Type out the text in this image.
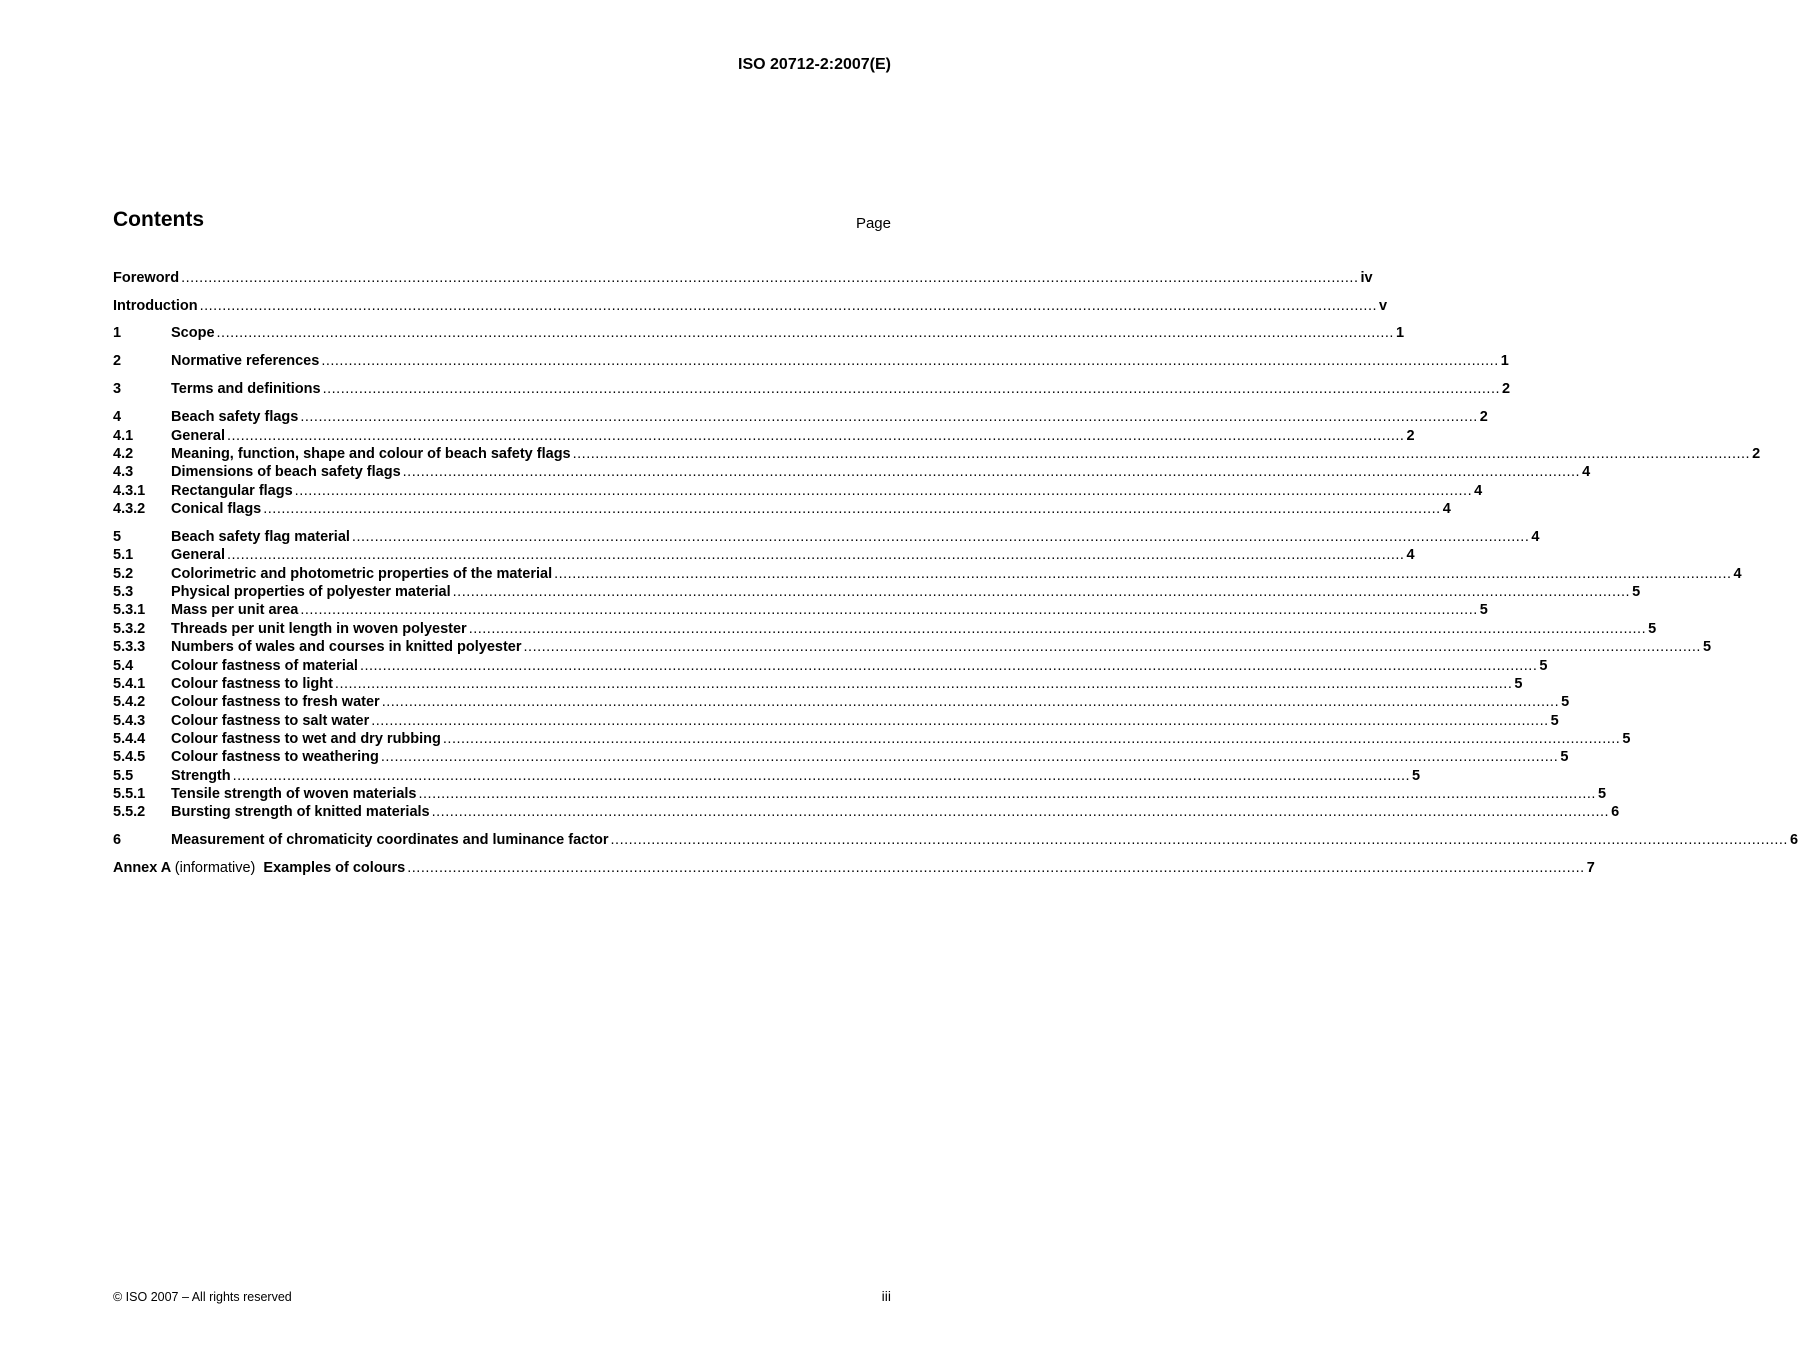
ISO 20712-2:2007(E)
Contents	Page
Foreword .................................................................................................................................................................................................................................................................... iv
Introduction .................................................................................................................................................................................................................................................................... v
1	Scope .................................................................................................................................................................................................................................................................... 1
2	Normative references .................................................................................................................................................................................................................................................................... 1
3	Terms and definitions .................................................................................................................................................................................................................................................................... 2
4	Beach safety flags .................................................................................................................................................................................................................................................................... 2
4.1	General .................................................................................................................................................................................................................................................................... 2
4.2	Meaning, function, shape and colour of beach safety flags .................................................................................................................................................................................................................................................................... 2
4.3	Dimensions of beach safety flags .................................................................................................................................................................................................................................................................... 4
4.3.1	Rectangular flags .................................................................................................................................................................................................................................................................... 4
4.3.2	Conical flags .................................................................................................................................................................................................................................................................... 4
5	Beach safety flag material .................................................................................................................................................................................................................................................................... 4
5.1	General .................................................................................................................................................................................................................................................................... 4
5.2	Colorimetric and photometric properties of the material .................................................................................................................................................................................................................................................................... 4
5.3	Physical properties of polyester material .................................................................................................................................................................................................................................................................... 5
5.3.1	Mass per unit area .................................................................................................................................................................................................................................................................... 5
5.3.2	Threads per unit length in woven polyester .................................................................................................................................................................................................................................................................... 5
5.3.3	Numbers of wales and courses in knitted polyester .................................................................................................................................................................................................................................................................... 5
5.4	Colour fastness of material .................................................................................................................................................................................................................................................................... 5
5.4.1	Colour fastness to light .................................................................................................................................................................................................................................................................... 5
5.4.2	Colour fastness to fresh water .................................................................................................................................................................................................................................................................... 5
5.4.3	Colour fastness to salt water .................................................................................................................................................................................................................................................................... 5
5.4.4	Colour fastness to wet and dry rubbing .................................................................................................................................................................................................................................................................... 5
5.4.5	Colour fastness to weathering .................................................................................................................................................................................................................................................................... 5
5.5	Strength .................................................................................................................................................................................................................................................................... 5
5.5.1	Tensile strength of woven materials .................................................................................................................................................................................................................................................................... 5
5.5.2	Bursting strength of knitted materials .................................................................................................................................................................................................................................................................... 6
6	Measurement of chromaticity coordinates and luminance factor .................................................................................................................................................................................................................................................................... 6
Annex A (informative) Examples of colours .................................................................................................................................................................................................................................................................... 7
© ISO 2007 – All rights reserved	iii
